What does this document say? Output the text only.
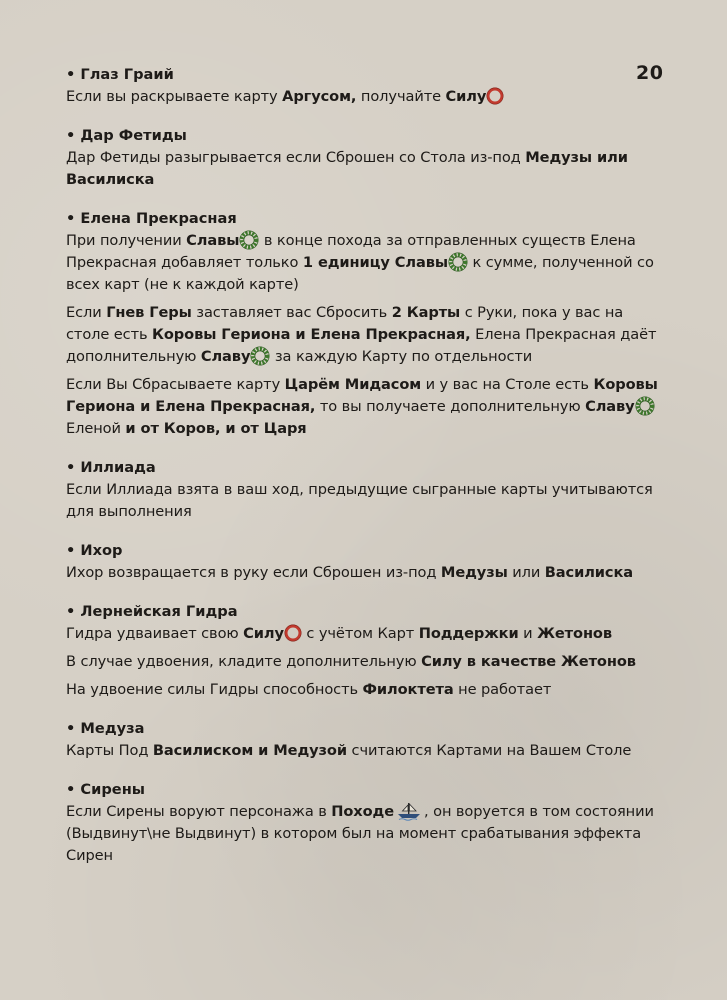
20
• Глаз Граий
Если вы раскрываете карту Аргусом, получайте Силу
• Дар Фетиды
Дар Фетиды разыгрывается если Сброшен со Стола из-под Медузы или Василиска
• Елена Прекрасная
При получении Славы в конце похода за отправленных существ Елена Прекрасная добавляет только 1 единицу Славы к сумме, полученной со всех карт (не к каждой карте)
Если Гнев Геры заставляет вас Сбросить 2 Карты с Руки, пока у вас на столе есть Коровы Гериона и Елена Прекрасная, Елена Прекрасная даёт дополнительную Славу за каждую Карту по отдельности
Если Вы Сбрасываете карту Царём Мидасом и у вас на Столе есть Коровы Гериона и Елена Прекрасная, то вы получаете дополнительную Славу Еленой и от Коров, и от Царя
• Иллиада
Если Иллиада взята в ваш ход, предыдущие сыгранные карты учитываются для выполнения
• Ихор
Ихор возвращается в руку если Сброшен из-под Медузы или Василиска
• Лернейская Гидра
Гидра удваивает свою Силу с учётом Карт Поддержки и Жетонов
В случае удвоения, кладите дополнительную Силу в качестве Жетонов
На удвоение силы Гидры способность Филоктета не работает
• Медуза
Карты Под Василиском и Медузой считаются Картами на Вашем Столе
• Сирены
Если Сирены воруют персонажа в Походе , он воруется в том состоянии (Выдвинут\не Выдвинут) в котором был на момент срабатывания эффекта Сирен
